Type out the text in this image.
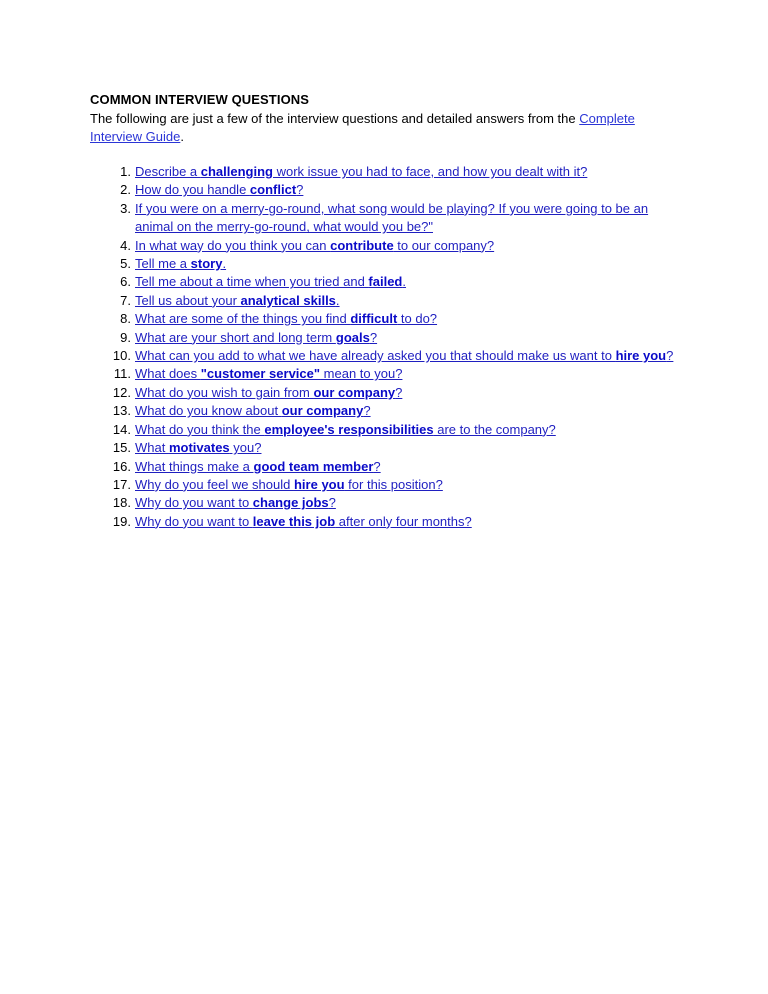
COMMON INTERVIEW QUESTIONS

The following are just a few of the interview questions and detailed answers from the Complete Interview Guide.

1. Describe a challenging work issue you had to face, and how you dealt with it?
2. How do you handle conflict?
3. If you were on a merry-go-round, what song would be playing? If you were going to be an animal on the merry-go-round, what would you be?"
4. In what way do you think you can contribute to our company?
5. Tell me a story.
6. Tell me about a time when you tried and failed.
7. Tell us about your analytical skills.
8. What are some of the things you find difficult to do?
9. What are your short and long term goals?
10. What can you add to what we have already asked you that should make us want to hire you?
11. What does "customer service" mean to you?
12. What do you wish to gain from our company?
13. What do you know about our company?
14. What do you think the employee's responsibilities are to the company?
15. What motivates you?
16. What things make a good team member?
17. Why do you feel we should hire you for this position?
18. Why do you want to change jobs?
19. Why do you want to leave this job after only four months?
